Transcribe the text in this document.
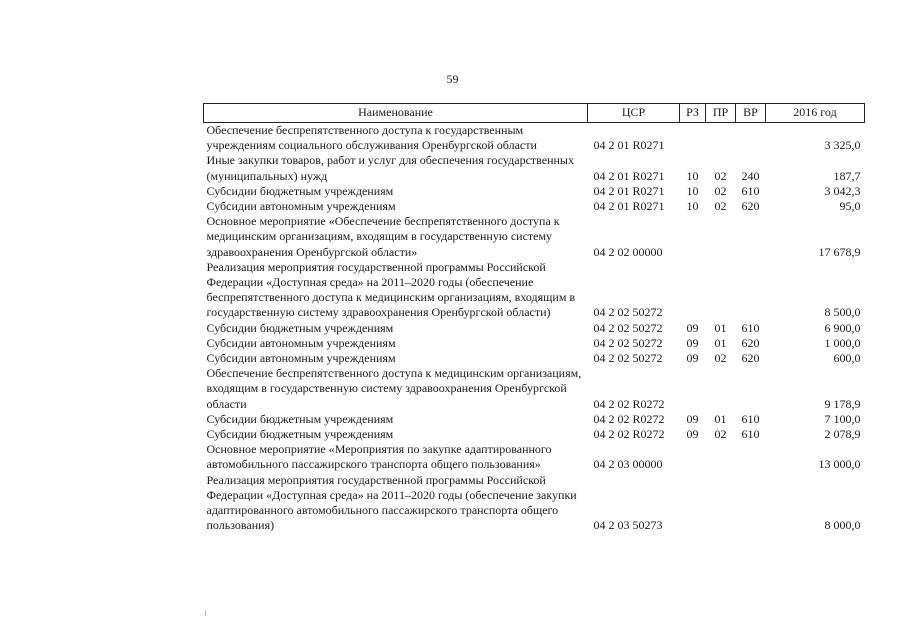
59
Наименование	ЦСР	РЗ	ПР	ВР	2016 год
Обеспечение беспрепятственного доступа к государственным учреждениям социального обслуживания Оренбургской области	04 2 01 R0271				3 325,0
Иные закупки товаров, работ и услуг для обеспечения государственных (муниципальных) нужд	04 2 01 R0271	10	02	240	187,7
Субсидии бюджетным учреждениям	04 2 01 R0271	10	02	610	3 042,3
Субсидии автономным учреждениям	04 2 01 R0271	10	02	620	95,0
Основное мероприятие «Обеспечение беспрепятственного доступа к медицинским организациям, входящим в государственную систему здравоохранения Оренбургской области»	04 2 02 00000				17 678,9
Реализация мероприятия государственной программы Российской Федерации «Доступная среда» на 2011–2020 годы (обеспечение беспрепятственного доступа к медицинским организациям, входящим в государственную систему здравоохранения Оренбургской области)	04 2 02 50272				8 500,0
Субсидии бюджетным учреждениям	04 2 02 50272	09	01	610	6 900,0
Субсидии автономным учреждениям	04 2 02 50272	09	01	620	1 000,0
Субсидии автономным учреждениям	04 2 02 50272	09	02	620	600,0
Обеспечение беспрепятственного доступа к медицинским организациям, входящим в государственную систему здравоохранения Оренбургской области	04 2 02 R0272				9 178,9
Субсидии бюджетным учреждениям	04 2 02 R0272	09	01	610	7 100,0
Субсидии бюджетным учреждениям	04 2 02 R0272	09	02	610	2 078,9
Основное мероприятие «Мероприятия по закупке адаптированного автомобильного пассажирского транспорта общего пользования»	04 2 03 00000				13 000,0
Реализация мероприятия государственной программы Российской Федерации «Доступная среда» на 2011–2020 годы (обеспечение закупки адаптированного автомобильного пассажирского транспорта общего пользования)	04 2 03 50273				8 000,0
